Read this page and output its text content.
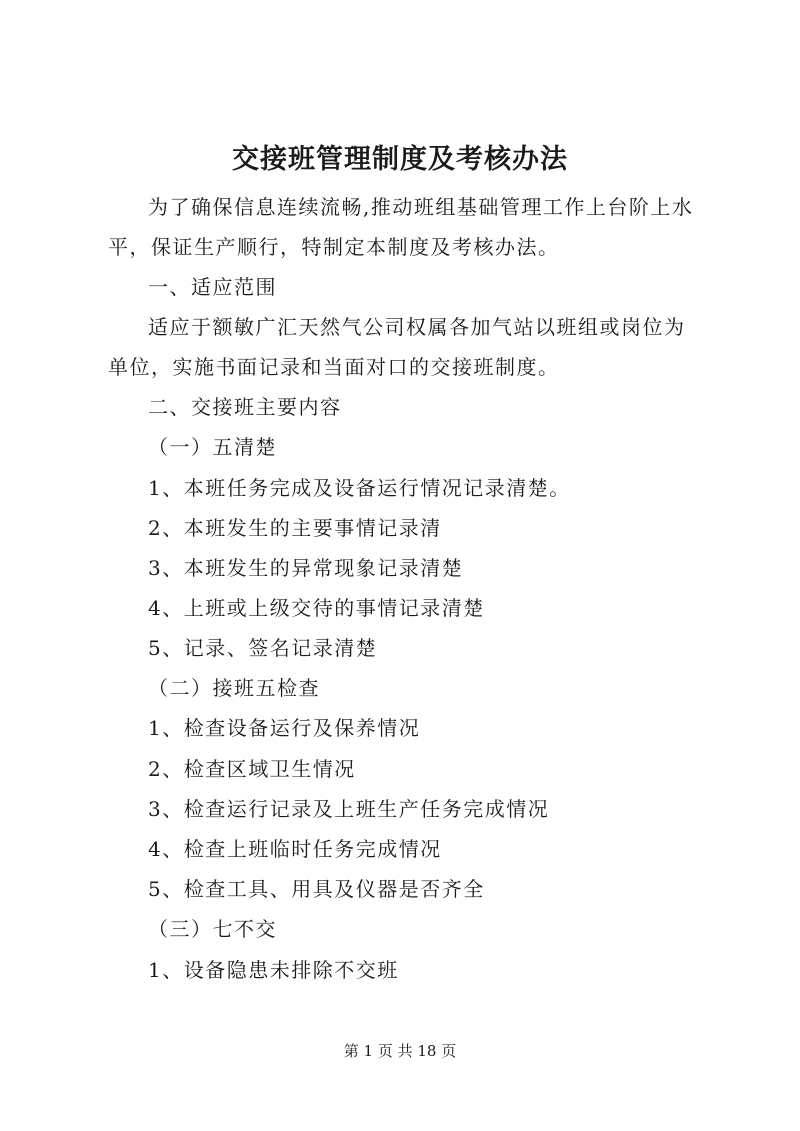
交接班管理制度及考核办法
为了确保信息连续流畅,推动班组基础管理工作上台阶上水
平，保证生产顺行，特制定本制度及考核办法。
一、适应范围
适应于额敏广汇天然气公司权属各加气站以班组或岗位为
单位，实施书面记录和当面对口的交接班制度。
二、交接班主要内容
（一）五清楚
1、本班任务完成及设备运行情况记录清楚。
2、本班发生的主要事情记录清
3、本班发生的异常现象记录清楚
4、上班或上级交待的事情记录清楚
5、记录、签名记录清楚
（二）接班五检查
1、检查设备运行及保养情况
2、检查区域卫生情况
3、检查运行记录及上班生产任务完成情况
4、检查上班临时任务完成情况
5、检查工具、用具及仪器是否齐全
（三）七不交
1、设备隐患未排除不交班
第 1 页 共 18 页
